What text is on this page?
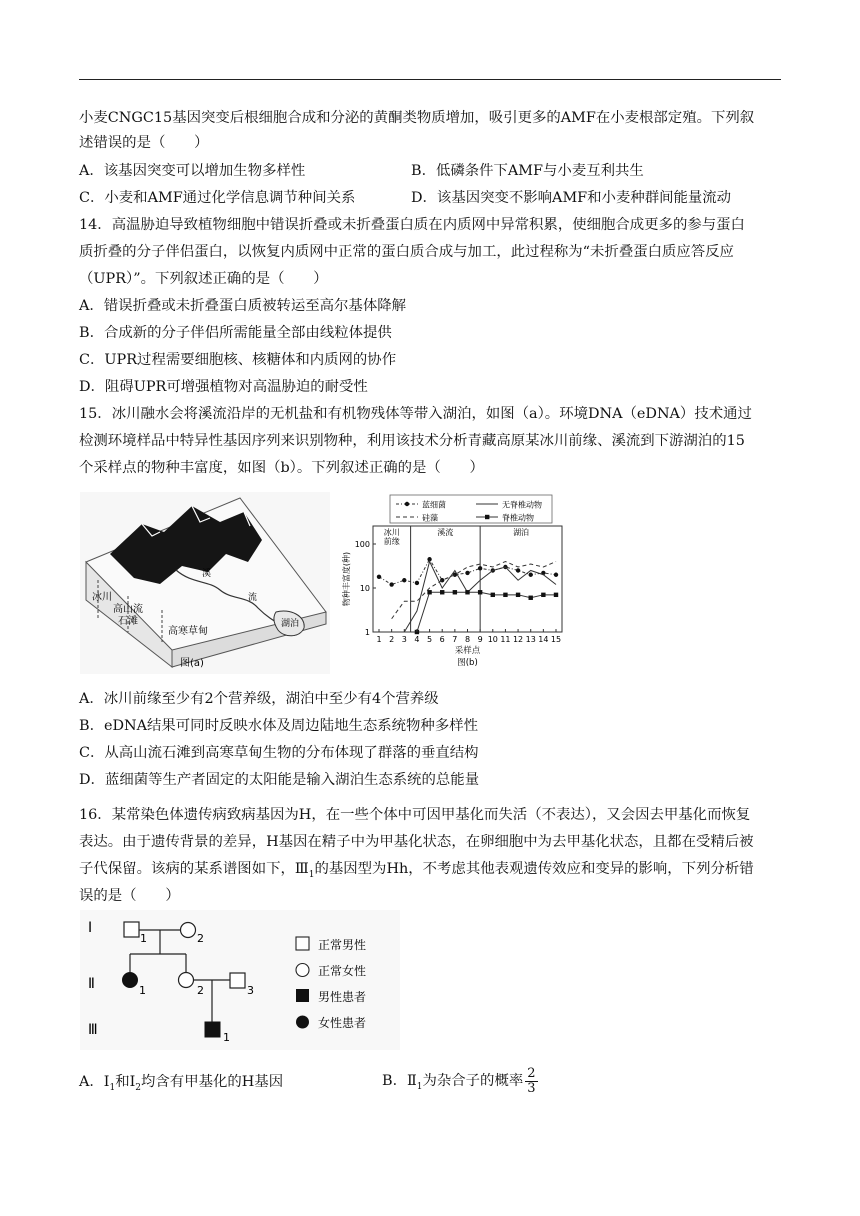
小麦CNGC15基因突变后根细胞合成和分泌的黄酮类物质增加，吸引更多的AMF在小麦根部定殖。下列叙
述错误的是（　　）
A．该基因突变可以增加生物多样性	B．低磷条件下AMF与小麦互利共生
C．小麦和AMF通过化学信息调节种间关系	D．该基因突变不影响AMF和小麦种群间能量流动
14．高温胁迫导致植物细胞中错误折叠或未折叠蛋白质在内质网中异常积累，使细胞合成更多的参与蛋白
质折叠的分子伴侣蛋白，以恢复内质网中正常的蛋白质合成与加工，此过程称为“未折叠蛋白质应答反应
（UPR）”。下列叙述正确的是（　　）
A．错误折叠或未折叠蛋白质被转运至高尔基体降解
B．合成新的分子伴侣所需能量全部由线粒体提供
C．UPR过程需要细胞核、核糖体和内质网的协作
D．阻碍UPR可增强植物对高温胁迫的耐受性
15．冰川融水会将溪流沿岸的无机盐和有机物残体等带入湖泊，如图（a）。环境DNA（eDNA）技术通过
检测环境样品中特异性基因序列来识别物种，利用该技术分析青藏高原某冰川前缘、溪流到下游湖泊的15
个采样点的物种丰富度，如图（b）。下列叙述正确的是（　　）
冰川
高山流
石滩
高寒草甸
溪
流
湖泊
图(a)
蓝细菌	无脊椎动物
硅藻	脊椎动物
冰川
前缘
溪流	湖泊
1
10
100
1 2 3 4 5 6 7 8 9 10 11 12 13 14 15
采样点
物种丰富度(种)
图(b)
A．冰川前缘至少有2个营养级，湖泊中至少有4个营养级
B．eDNA结果可同时反映水体及周边陆地生态系统物种多样性
C．从高山流石滩到高寒草甸生物的分布体现了群落的垂直结构
D．蓝细菌等生产者固定的太阳能是输入湖泊生态系统的总能量
16．某常染色体遗传病致病基因为H，在一些个体中可因甲基化而失活（不表达），又会因去甲基化而恢复
表达。由于遗传背景的差异，H基因在精子中为甲基化状态，在卵细胞中为去甲基化状态，且都在受精后被
子代保留。该病的某系谱图如下，$Ⅲ_1$的基因型为Hh，不考虑其他表观遗传效应和变异的影响，下列分析错
误的是（　　）
Ⅰ
Ⅱ
Ⅲ
1	2
1	2	3
1
正常男性
正常女性
男性患者
女性患者
A．$I_1$和$I_2$均含有甲基化的H基因	B．$Ⅱ_1$为杂合子的概率 $\frac{2}{3}$
